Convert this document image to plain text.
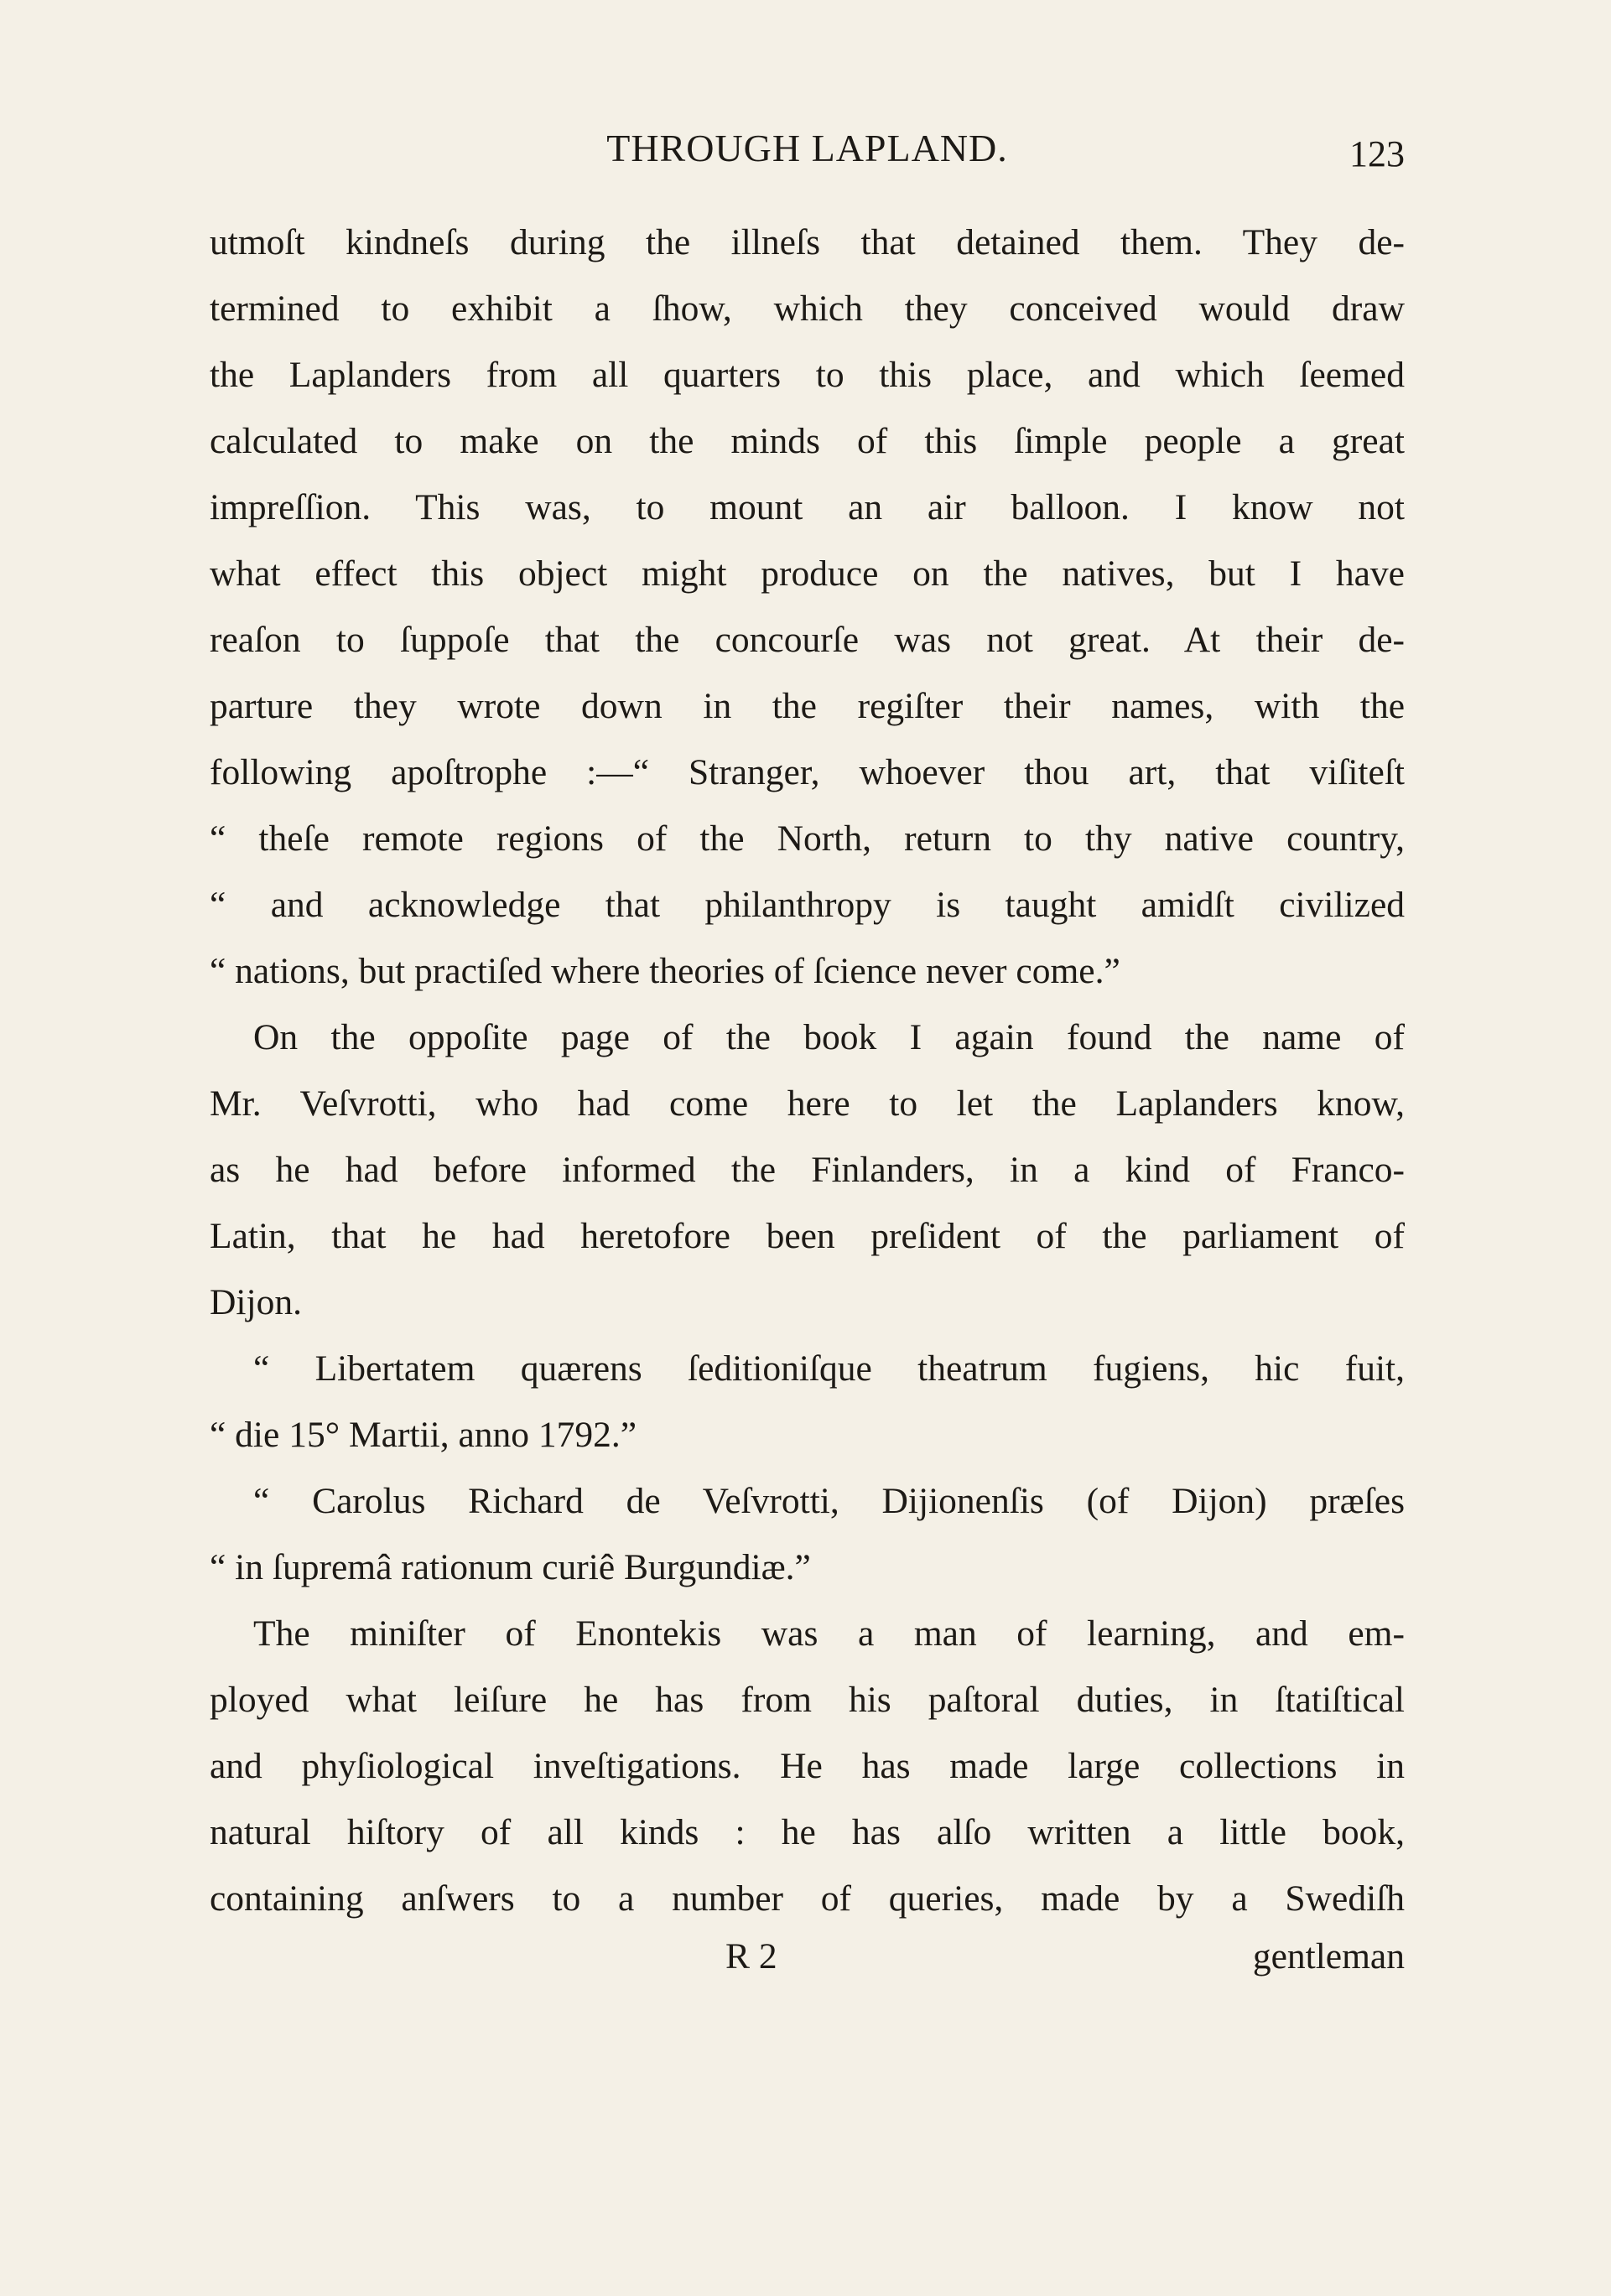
THROUGH LAPLAND.	123
utmoſt kindneſs during the illneſs that detained them. They de-
termined to exhibit a ſhow, which they conceived would draw
the Laplanders from all quarters to this place, and which ſeemed
calculated to make on the minds of this ſimple people a great
impreſſion. This was, to mount an air balloon. I know not
what effect this object might produce on the natives, but I have
reaſon to ſuppoſe that the concourſe was not great. At their de-
parture they wrote down in the regiſter their names, with the
following apoſtrophe :—“ Stranger, whoever thou art, that viſiteſt
“ theſe remote regions of the North, return to thy native country,
“ and acknowledge that philanthropy is taught amidſt civilized
“ nations, but practiſed where theories of ſcience never come.”
On the oppoſite page of the book I again found the name of
Mr. Veſvrotti, who had come here to let the Laplanders know,
as he had before informed the Finlanders, in a kind of Franco-
Latin, that he had heretofore been preſident of the parliament of
Dijon.
“ Libertatem quærens ſeditioniſque theatrum fugiens, hic fuit,
“ die 15° Martii, anno 1792.”
“ Carolus Richard de Veſvrotti, Dijionenſis (of Dijon) præſes
“ in ſupremâ rationum curiê Burgundiæ.”
The miniſter of Enontekis was a man of learning, and em-
ployed what leiſure he has from his paſtoral duties, in ſtatiſtical
and phyſiological inveſtigations. He has made large collections in
natural hiſtory of all kinds : he has alſo written a little book,
containing anſwers to a number of queries, made by a Swediſh
R 2	gentleman
